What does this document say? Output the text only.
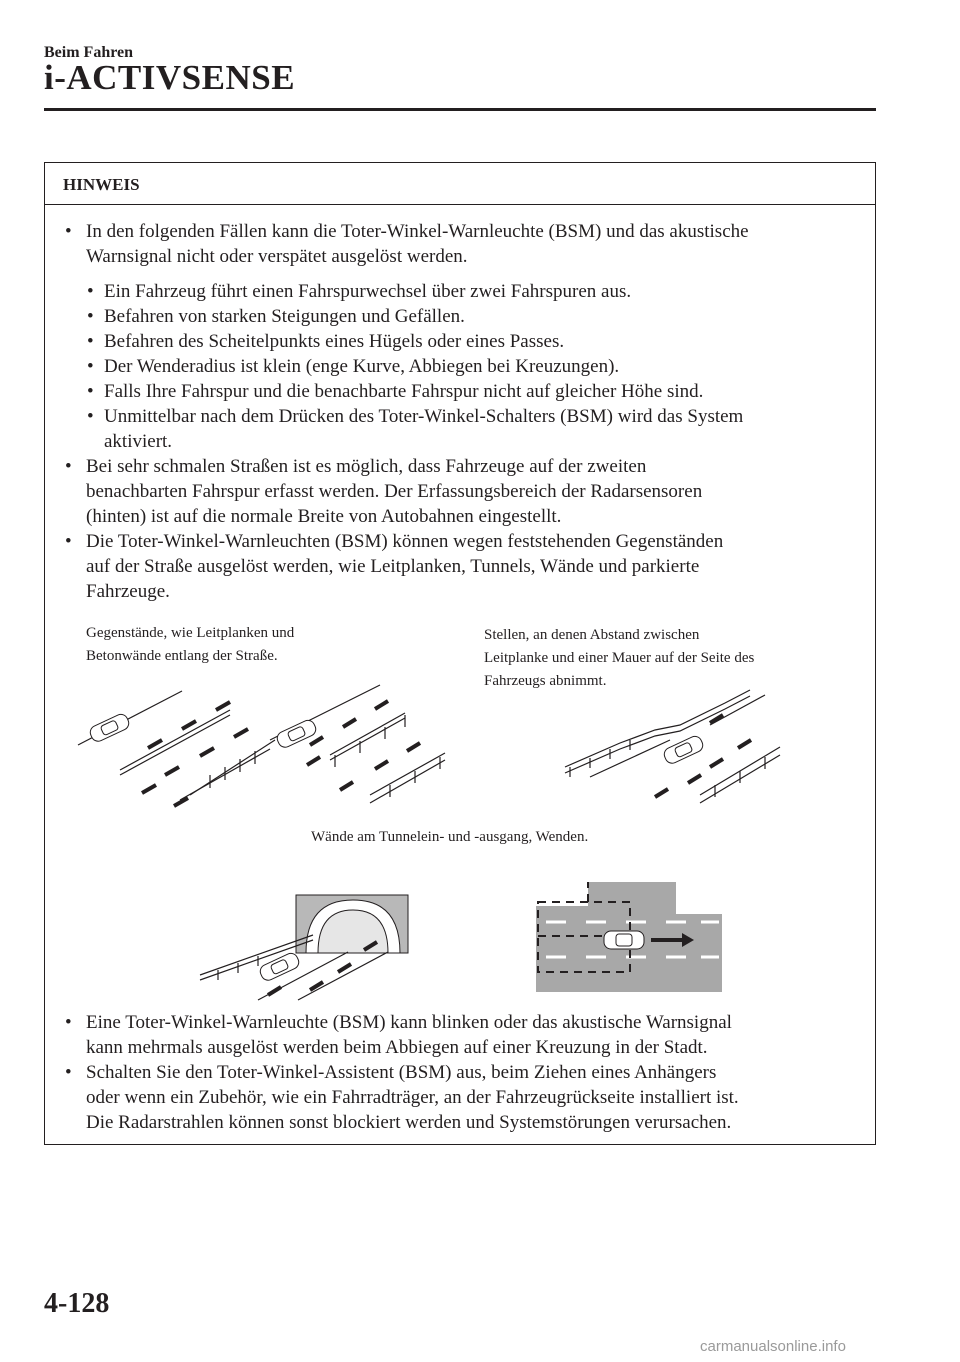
Beim Fahren
i-ACTIVSENSE
HINWEIS
• In den folgenden Fällen kann die Toter-Winkel-Warnleuchte (BSM) und das akustische
Warnsignal nicht oder verspätet ausgelöst werden.
• Ein Fahrzeug führt einen Fahrspurwechsel über zwei Fahrspuren aus.
• Befahren von starken Steigungen und Gefällen.
• Befahren des Scheitelpunkts eines Hügels oder eines Passes.
• Der Wenderadius ist klein (enge Kurve, Abbiegen bei Kreuzungen).
• Falls Ihre Fahrspur und die benachbarte Fahrspur nicht auf gleicher Höhe sind.
• Unmittelbar nach dem Drücken des Toter-Winkel-Schalters (BSM) wird das System
aktiviert.
• Bei sehr schmalen Straßen ist es möglich, dass Fahrzeuge auf der zweiten
benachbarten Fahrspur erfasst werden. Der Erfassungsbereich der Radarsensoren
(hinten) ist auf die normale Breite von Autobahnen eingestellt.
• Die Toter-Winkel-Warnleuchten (BSM) können wegen feststehenden Gegenständen
auf der Straße ausgelöst werden, wie Leitplanken, Tunnels, Wände und parkierte
Fahrzeuge.
Gegenstände, wie Leitplanken und
Betonwände entlang der Straße.
Stellen, an denen Abstand zwischen
Leitplanke und einer Mauer auf der Seite des
Fahrzeugs abnimmt.
Wände am Tunnelein- und -ausgang, Wenden.
• Eine Toter-Winkel-Warnleuchte (BSM) kann blinken oder das akustische Warnsignal
kann mehrmals ausgelöst werden beim Abbiegen auf einer Kreuzung in der Stadt.
• Schalten Sie den Toter-Winkel-Assistent (BSM) aus, beim Ziehen eines Anhängers
oder wenn ein Zubehör, wie ein Fahrradträger, an der Fahrzeugrückseite installiert ist.
Die Radarstrahlen können sonst blockiert werden und Systemstörungen verursachen.
4-128
carmanualsonline.info
